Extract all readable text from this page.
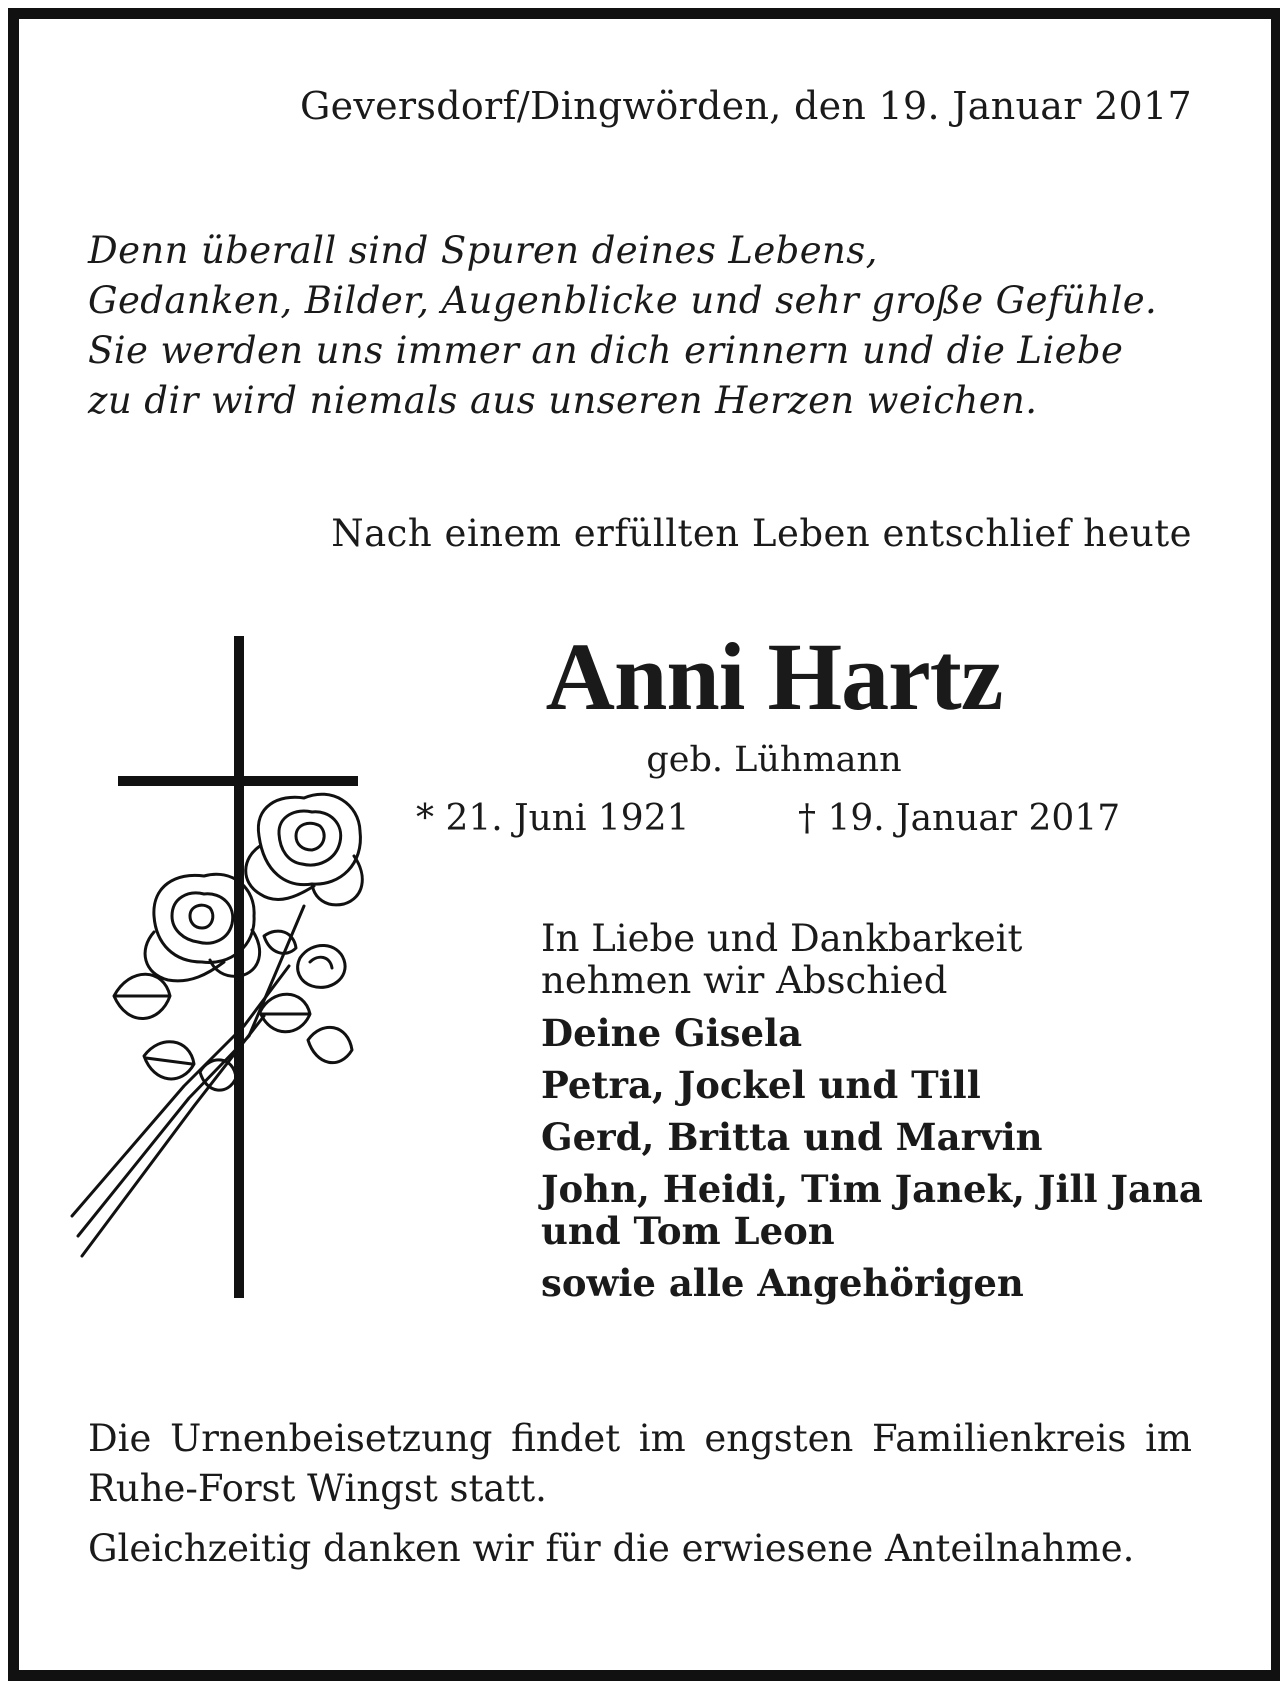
Geversdorf/Dingwörden, den 19. Januar 2017
Denn überall sind Spuren deines Lebens,
Gedanken, Bilder, Augenblicke und sehr große Gefühle.
Sie werden uns immer an dich erinnern und die Liebe
zu dir wird niemals aus unseren Herzen weichen.
Nach einem erfüllten Leben entschlief heute
Anni Hartz
geb. Lühmann
* 21. Juni 1921	† 19. Januar 2017
In Liebe und Dankbarkeit
nehmen wir Abschied
Deine Gisela
Petra, Jockel und Till
Gerd, Britta und Marvin
John, Heidi, Tim Janek, Jill Jana
und Tom Leon
sowie alle Angehörigen

Die Urnenbeisetzung findet im engsten Familienkreis im Ruhe-Forst Wingst statt.

Gleichzeitig danken wir für die erwiesene Anteilnahme.
